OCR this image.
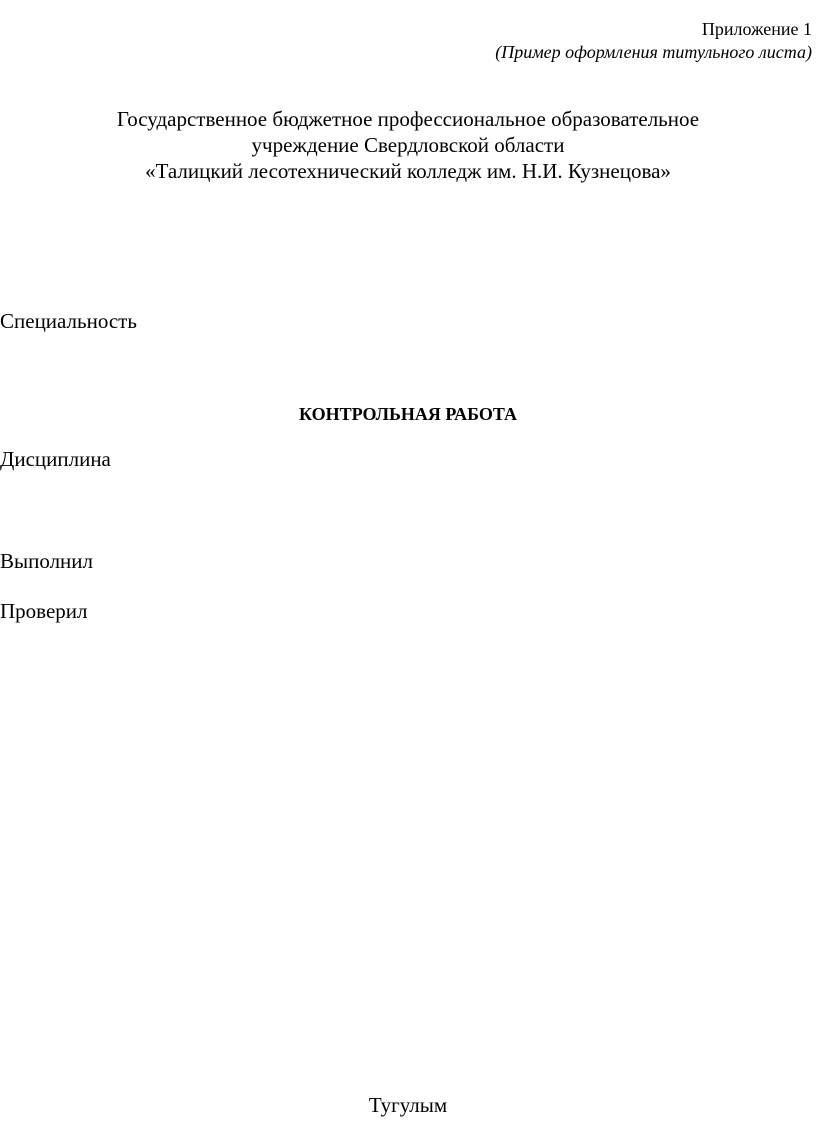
Приложение 1
(Пример оформления титульного листа)
Государственное бюджетное профессиональное образовательное
учреждение Свердловской области
«Талицкий лесотехнический колледж им. Н.И. Кузнецова»
Специальность
КОНТРОЛЬНАЯ РАБОТА
Дисциплина
Выполнил
Проверил
Тугулым
